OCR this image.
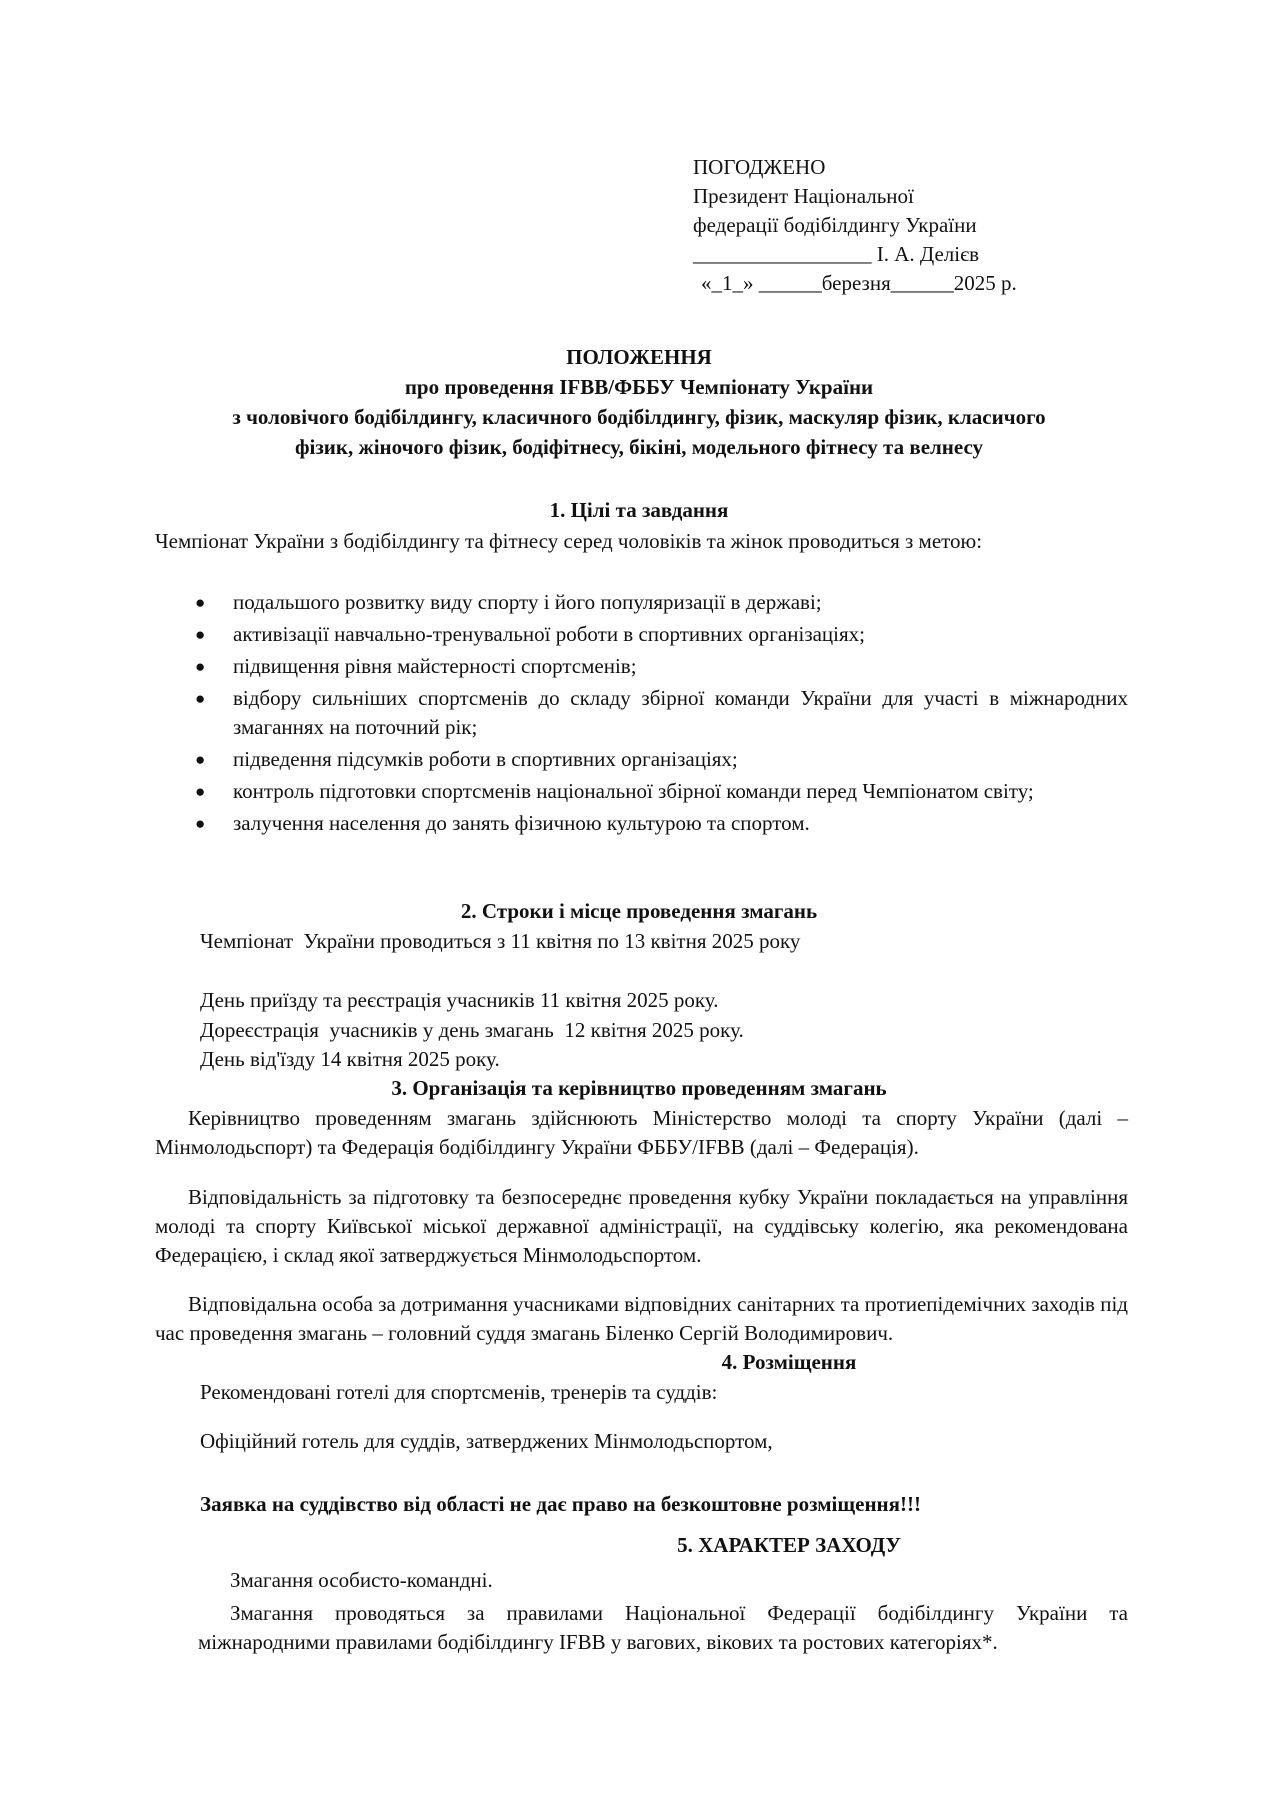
ПОГОДЖЕНО
Президент Національної
федерації бодібілдингу України
_________________ І. А. Делієв
«_1_» ______березня______2025 р.
ПОЛОЖЕННЯ
про проведення IFBB/ФББУ Чемпіонату України
з чоловічого бодібілдингу, класичного бодібілдингу, фізик, маскуляр фізик, класичого
фізик, жіночого фізик, бодіфітнесу, бікіні, модельного фітнесу та велнесу
1. Цілі та завдання
Чемпіонат України з бодібілдингу та фітнесу серед чоловіків та жінок проводиться з метою:
● подальшого розвитку виду спорту і його популяризації в державі;
● активізації навчально-тренувальної роботи в спортивних організаціях;
● підвищення рівня майстерності спортсменів;
● відбору сильніших спортсменів до складу збірної команди України для участі в міжнародних змаганнях на поточний рік;
● підведення підсумків роботи в спортивних організаціях;
● контроль підготовки спортсменів національної збірної команди перед Чемпіонатом світу;
● залучення населення до занять фізичною культурою та спортом.
2. Строки і місце проведення змагань
Чемпіонат  України проводиться з 11 квітня по 13 квітня 2025 року
День приїзду та реєстрація учасників 11 квітня 2025 року.
Дореєстрація  учасників у день змагань  12 квітня 2025 року.
День від'їзду 14 квітня 2025 року.
3. Організація та керівництво проведенням змагань
Керівництво проведенням змагань здійснюють Міністерство молоді та спорту України (далі – Мінмолодьспорт) та Федерація бодібілдингу України ФББУ/IFBB (далі – Федерація).
Відповідальність за підготовку та безпосереднє проведення кубку України покладається на управління молоді та спорту Київської міської державної адміністрації, на суддівську колегію, яка рекомендована Федерацією, і склад якої затверджується Мінмолодьспортом.
Відповідальна особа за дотримання учасниками відповідних санітарних та протиепідемічних заходів під час проведення змагань – головний суддя змагань Біленко Сергій Володимирович.
4. Розміщення
Рекомендовані готелі для спортсменів, тренерів та суддів:
Офіційний готель для суддів, затверджених Мінмолодьспортом,
Заявка на суддівство від області не дає право на безкоштовне розміщення!!!
5. ХАРАКТЕР ЗАХОДУ
Змагання особисто-командні.
Змагання проводяться за правилами Національної Федерації бодібілдингу України та міжнародними правилами бодібілдингу IFBB у вагових, вікових та ростових категоріях*.
